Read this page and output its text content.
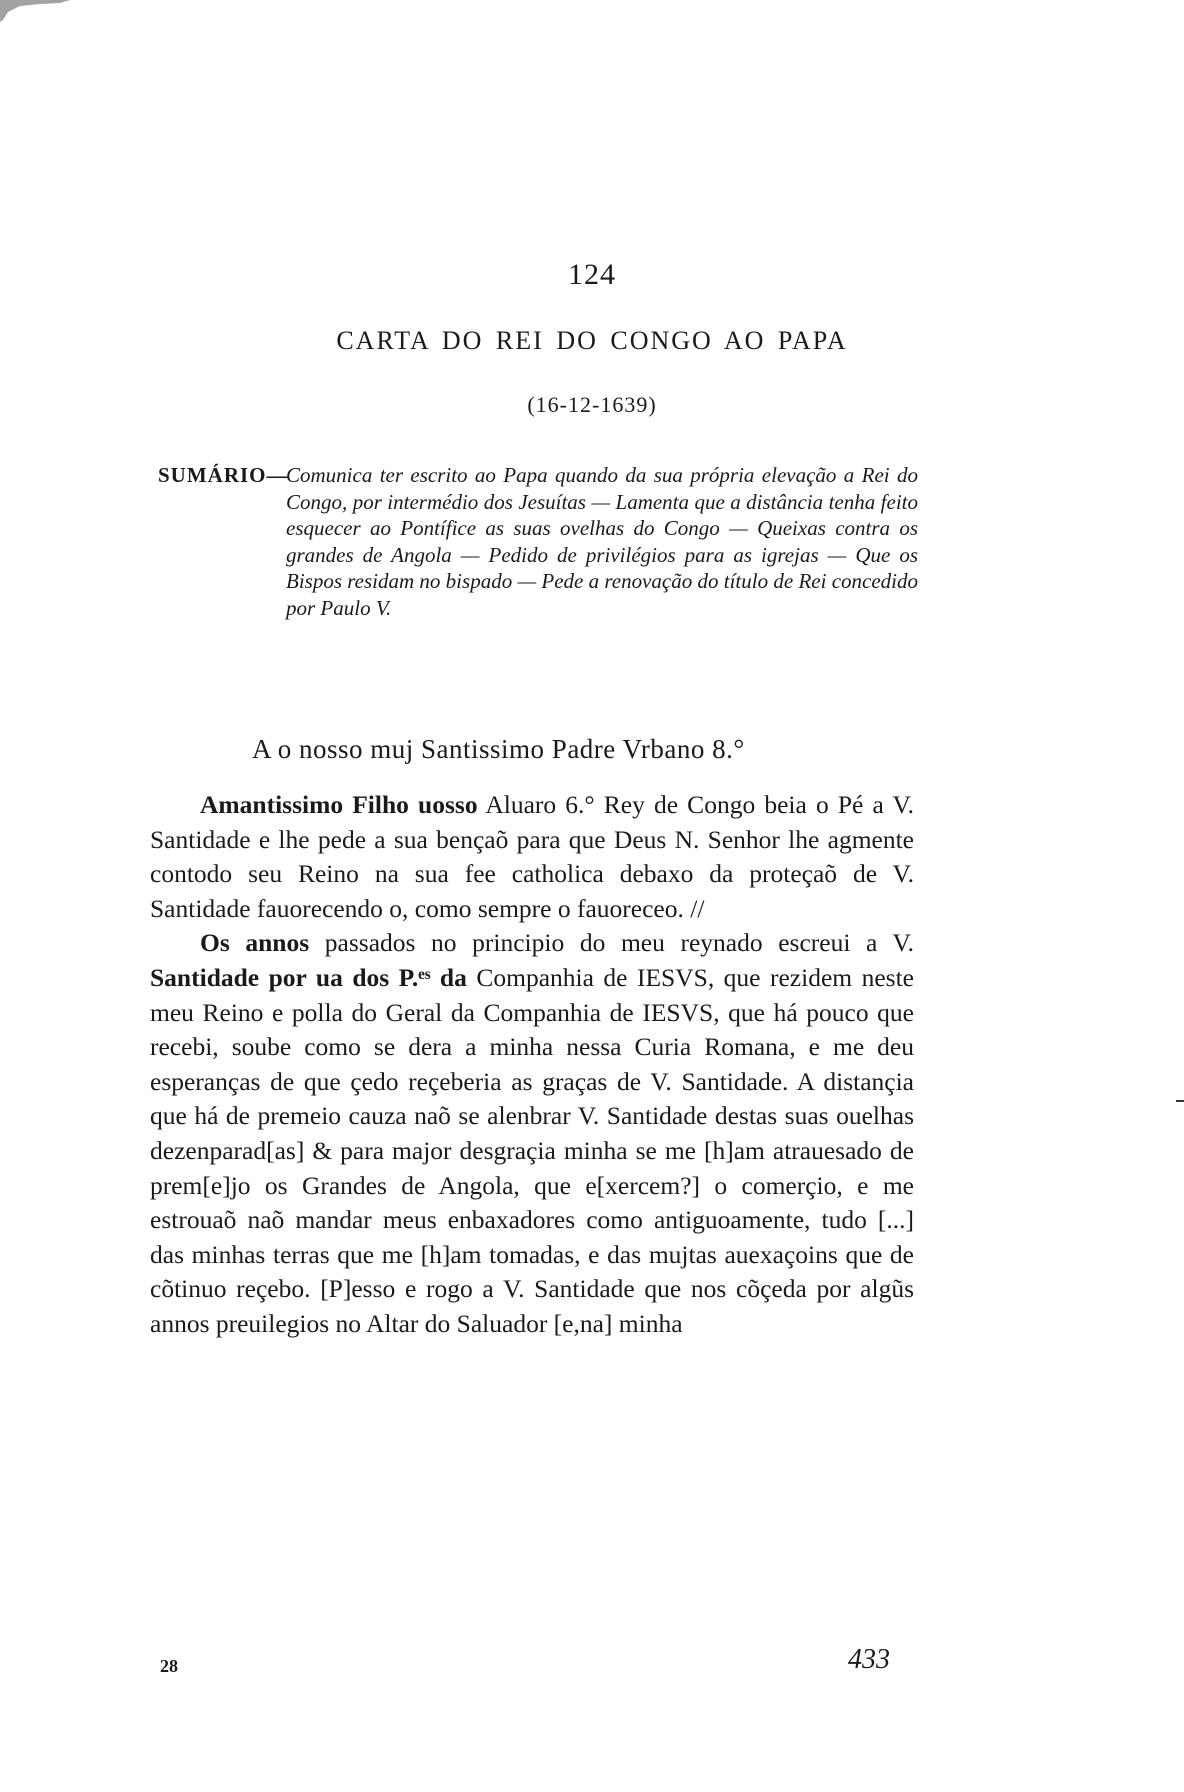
124
CARTA DO REI DO CONGO AO PAPA
(16-12-1639)
SUMÁRIO—
Comunica ter escrito ao Papa quando da sua própria elevação a Rei do Congo, por intermédio dos Jesuítas — Lamenta que a distância tenha feito esquecer ao Pontífice as suas ovelhas do Congo — Queixas contra os grandes de Angola — Pedido de privilégios para as igrejas — Que os Bispos residam no bispado — Pede a renovação do título de Rei concedido por Paulo V.
A o nosso muj Santissimo Padre Vrbano 8.°

Amantissimo Filho uosso Aluaro 6.° Rey de Congo beia o Pé a V. Santidade e lhe pede a sua bençaõ para que Deus N. Senhor lhe agmente contodo seu Reino na sua fee catholica debaxo da proteçaõ de V. Santidade fauorecendo o, como sempre o fauoreceo. //

Os annos passados no principio do meu reynado escreui a V. Santidade por ua dos P.ᵉˢ da Companhia de IESVS, que rezidem neste meu Reino e polla do Geral da Companhia de IESVS, que há pouco que recebi, soube como se dera a minha nessa Curia Romana, e me deu esperanças de que çedo reçeberia as graças de V. Santidade. A distançia que há de premeio cauza naõ se alenbrar V. Santidade destas suas ouelhas dezenparad[as] & para major desgraçia minha se me [h]am atrauesado de prem[e]jo os Grandes de Angola, que e[xercem?] o comerçio, e me estrouaõ naõ mandar meus enbaxadores como antiguoamente, tudo [...] das minhas terras que me [h]am tomadas, e das mujtas auexaçoins que de cõtinuo reçebo. [P]esso e rogo a V. Santidade que nos cõçeda por algũs annos preuilegios no Altar do Saluador [e,na] minha

28	433
